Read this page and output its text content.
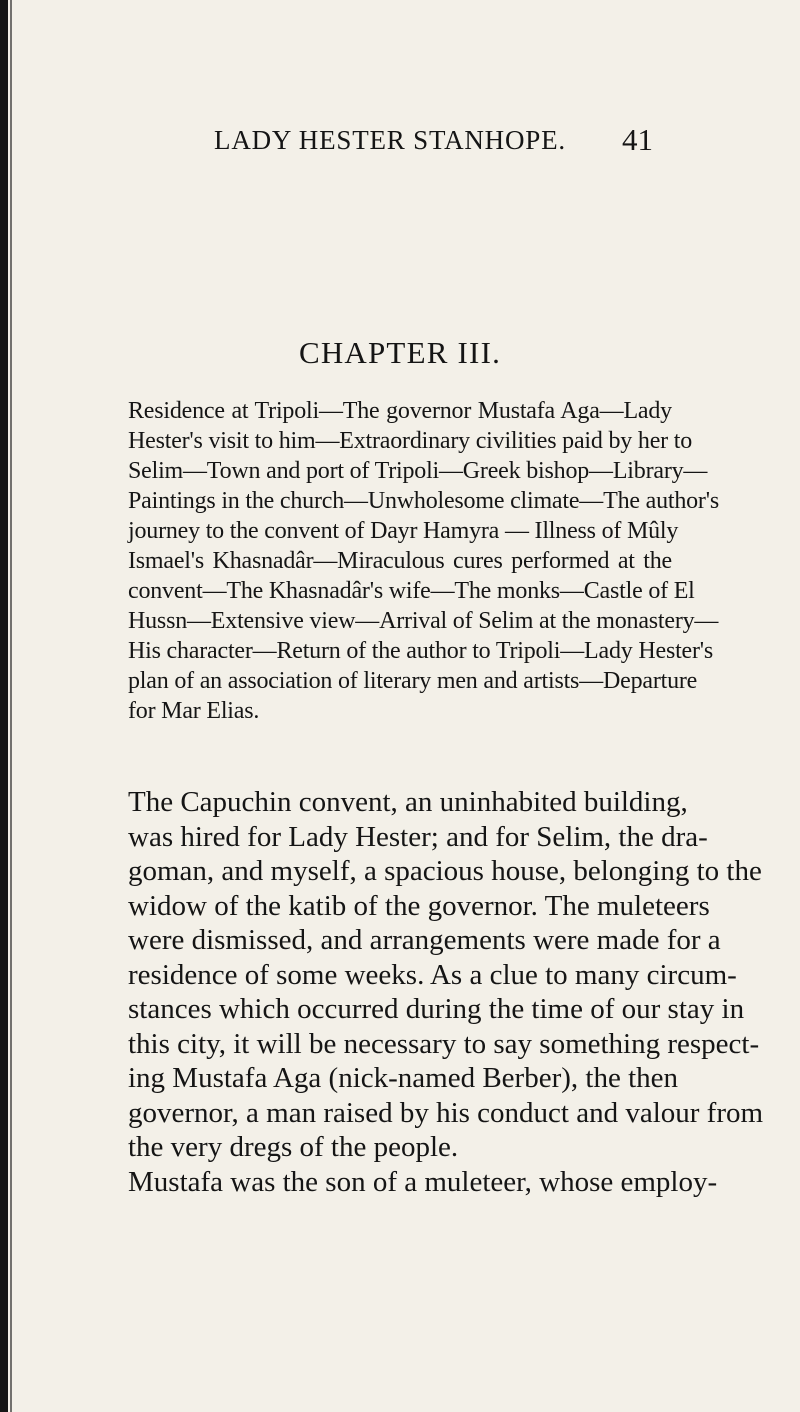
LADY HESTER STANHOPE.	41
CHAPTER III.
Residence at Tripoli—The governor Mustafa Aga—Lady
Hester's visit to him—Extraordinary civilities paid by her to
Selim—Town and port of Tripoli—Greek bishop—Library—
Paintings in the church—Unwholesome climate—The author's
journey to the convent of Dayr Hamyra — Illness of Mûly
Ismael's Khasnadâr—Miraculous cures performed at the
convent—The Khasnadâr's wife—The monks—Castle of El
Hussn—Extensive view—Arrival of Selim at the monastery—
His character—Return of the author to Tripoli—Lady Hester's
plan of an association of literary men and artists—Departure
for Mar Elias.
The Capuchin convent, an uninhabited building,
was hired for Lady Hester; and for Selim, the dra-
goman, and myself, a spacious house, belonging to the
widow of the katib of the governor. The muleteers
were dismissed, and arrangements were made for a
residence of some weeks. As a clue to many circum-
stances which occurred during the time of our stay in
this city, it will be necessary to say something respect-
ing Mustafa Aga (nick-named Berber), the then
governor, a man raised by his conduct and valour from
the very dregs of the people.
Mustafa was the son of a muleteer, whose employ-
